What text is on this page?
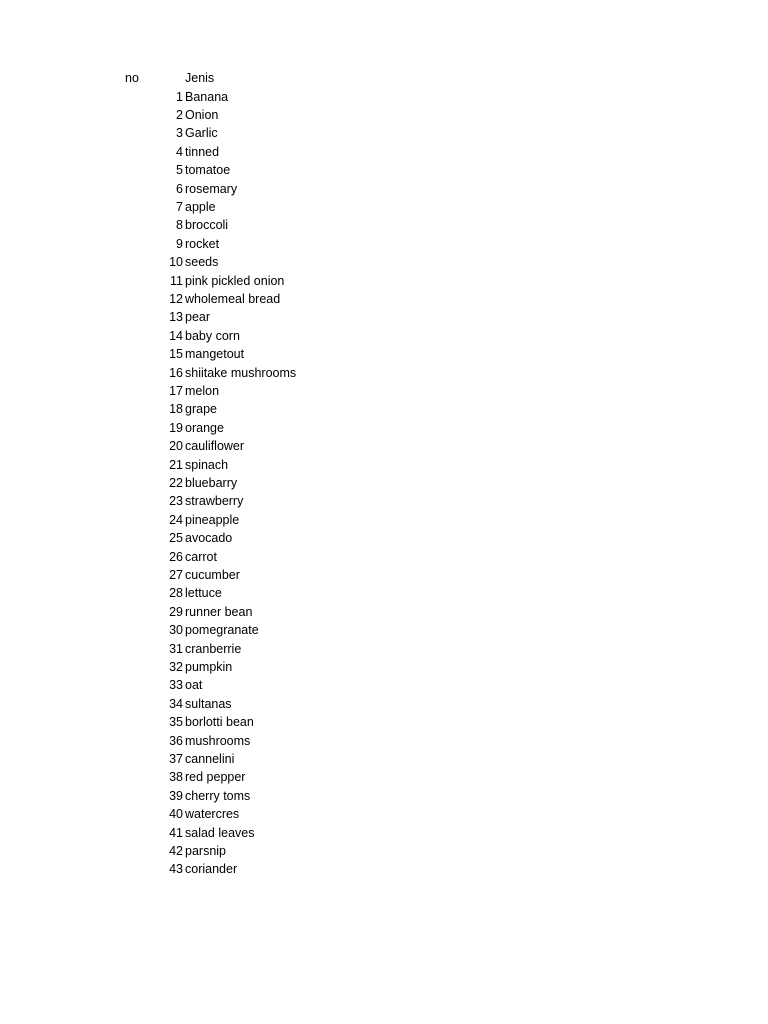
no	Jenis
1 Banana
2 Onion
3 Garlic
4 tinned
5 tomatoe
6 rosemary
7 apple
8 broccoli
9 rocket
10 seeds
11 pink pickled onion
12 wholemeal bread
13 pear
14 baby corn
15 mangetout
16 shiitake mushrooms
17 melon
18 grape
19 orange
20 cauliflower
21 spinach
22 bluebarry
23 strawberry
24 pineapple
25 avocado
26 carrot
27 cucumber
28 lettuce
29 runner bean
30 pomegranate
31 cranberrie
32 pumpkin
33 oat
34 sultanas
35 borlotti bean
36 mushrooms
37 cannelini
38 red pepper
39 cherry toms
40 watercres
41 salad leaves
42 parsnip
43 coriander
